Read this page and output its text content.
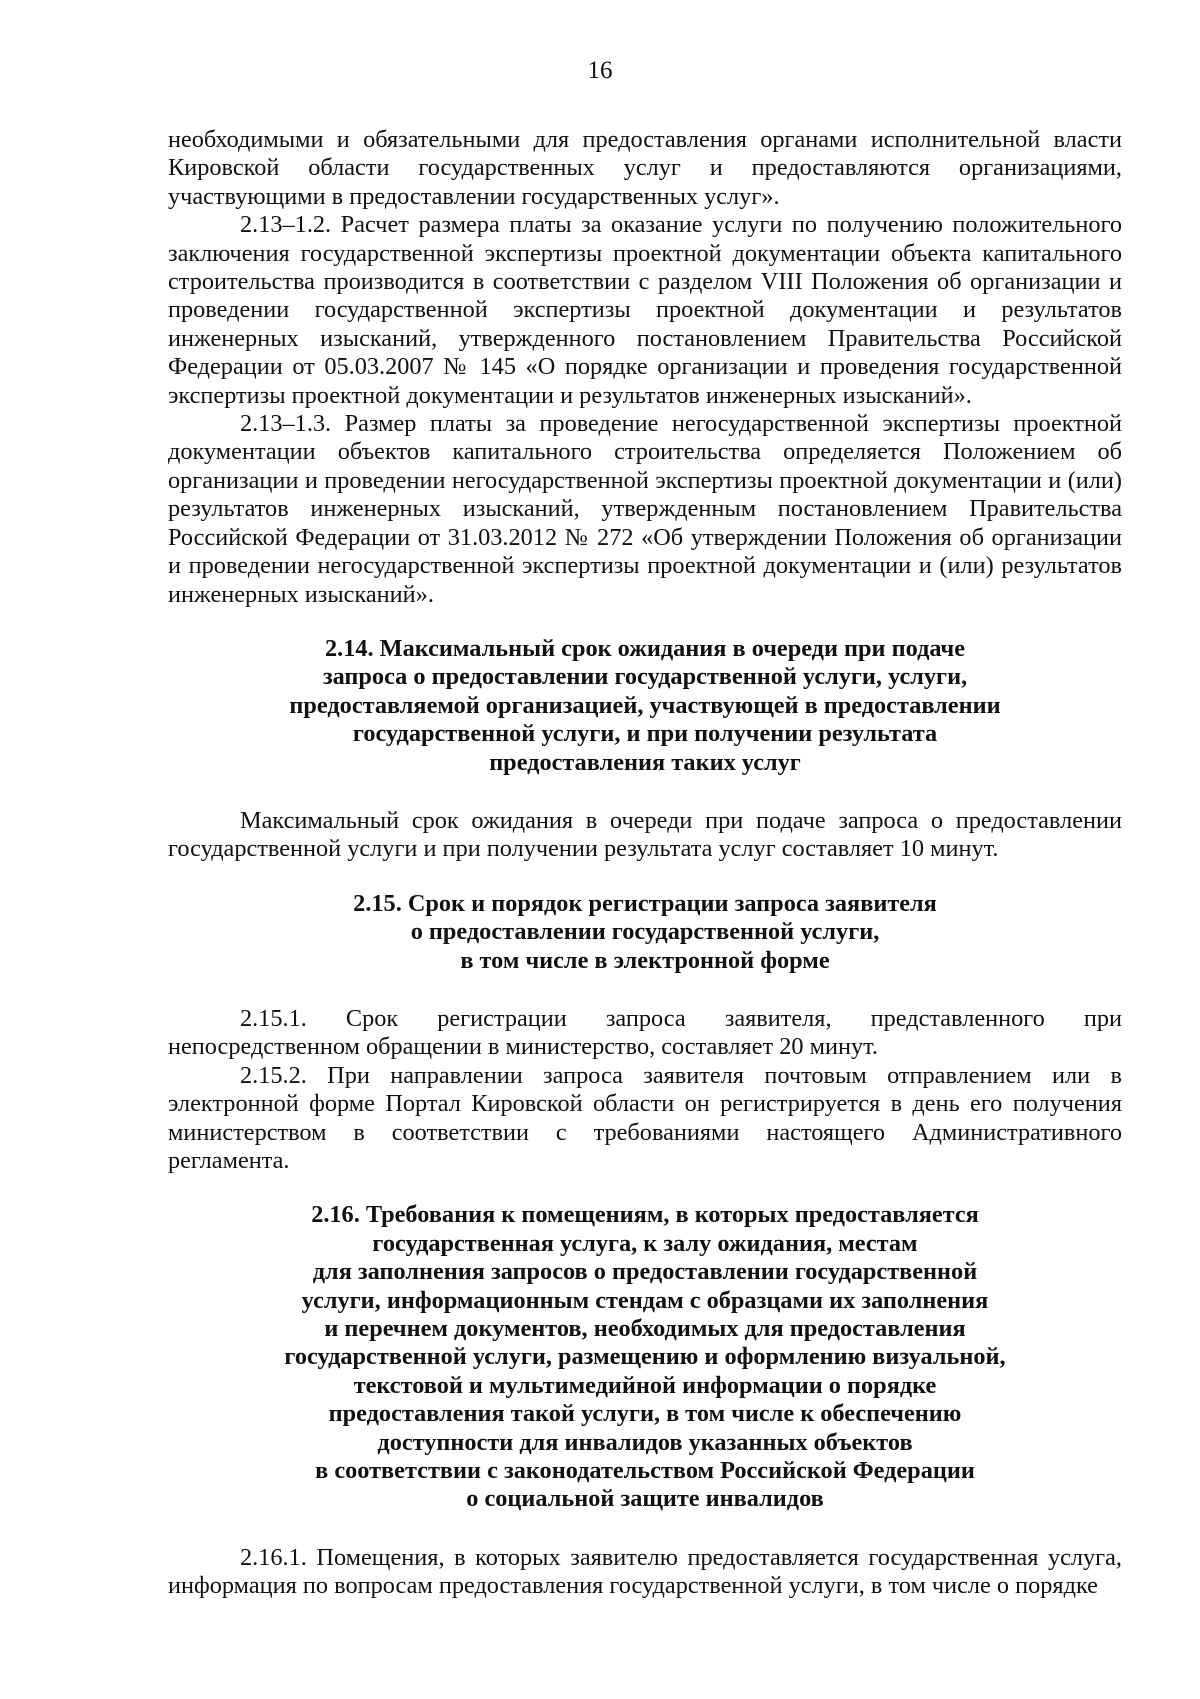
16

необходимыми и обязательными для предоставления органами исполнительной власти Кировской области государственных услуг и предоставляются организациями, участвующими в предоставлении государственных услуг».

2.13–1.2. Расчет размера платы за оказание услуги по получению положительного заключения государственной экспертизы проектной документации объекта капитального строительства производится в соответствии с разделом VIII Положения об организации и проведении государственной экспертизы проектной документации и результатов инженерных изысканий, утвержденного постановлением Правительства Российской Федерации от 05.03.2007 № 145 «О порядке организации и проведения государственной экспертизы проектной документации и результатов инженерных изысканий».

2.13–1.3. Размер платы за проведение негосударственной экспертизы проектной документации объектов капитального строительства определяется Положением об организации и проведении негосударственной экспертизы проектной документации и (или) результатов инженерных изысканий, утвержденным постановлением Правительства Российской Федерации от 31.03.2012 № 272 «Об утверждении Положения об организации и проведении негосударственной экспертизы проектной документации и (или) результатов инженерных изысканий».

2.14. Максимальный срок ожидания в очереди при подаче
запроса о предоставлении государственной услуги, услуги,
предоставляемой организацией, участвующей в предоставлении
государственной услуги, и при получении результата
предоставления таких услуг

Максимальный срок ожидания в очереди при подаче запроса о предоставлении государственной услуги и при получении результата услуг составляет 10 минут.

2.15. Срок и порядок регистрации запроса заявителя
о предоставлении государственной услуги,
в том числе в электронной форме

2.15.1. Срок регистрации запроса заявителя, представленного при непосредственном обращении в министерство, составляет 20 минут.

2.15.2. При направлении запроса заявителя почтовым отправлением или в электронной форме Портал Кировской области он регистрируется в день его получения министерством в соответствии с требованиями настоящего Административного регламента.

2.16. Требования к помещениям, в которых предоставляется
государственная услуга, к залу ожидания, местам
для заполнения запросов о предоставлении государственной
услуги, информационным стендам с образцами их заполнения
и перечнем документов, необходимых для предоставления
государственной услуги, размещению и оформлению визуальной,
текстовой и мультимедийной информации о порядке
предоставления такой услуги, в том числе к обеспечению
доступности для инвалидов указанных объектов
в соответствии с законодательством Российской Федерации
о социальной защите инвалидов

2.16.1. Помещения, в которых заявителю предоставляется государственная услуга, информация по вопросам предоставления государственной услуги, в том числе о порядке
